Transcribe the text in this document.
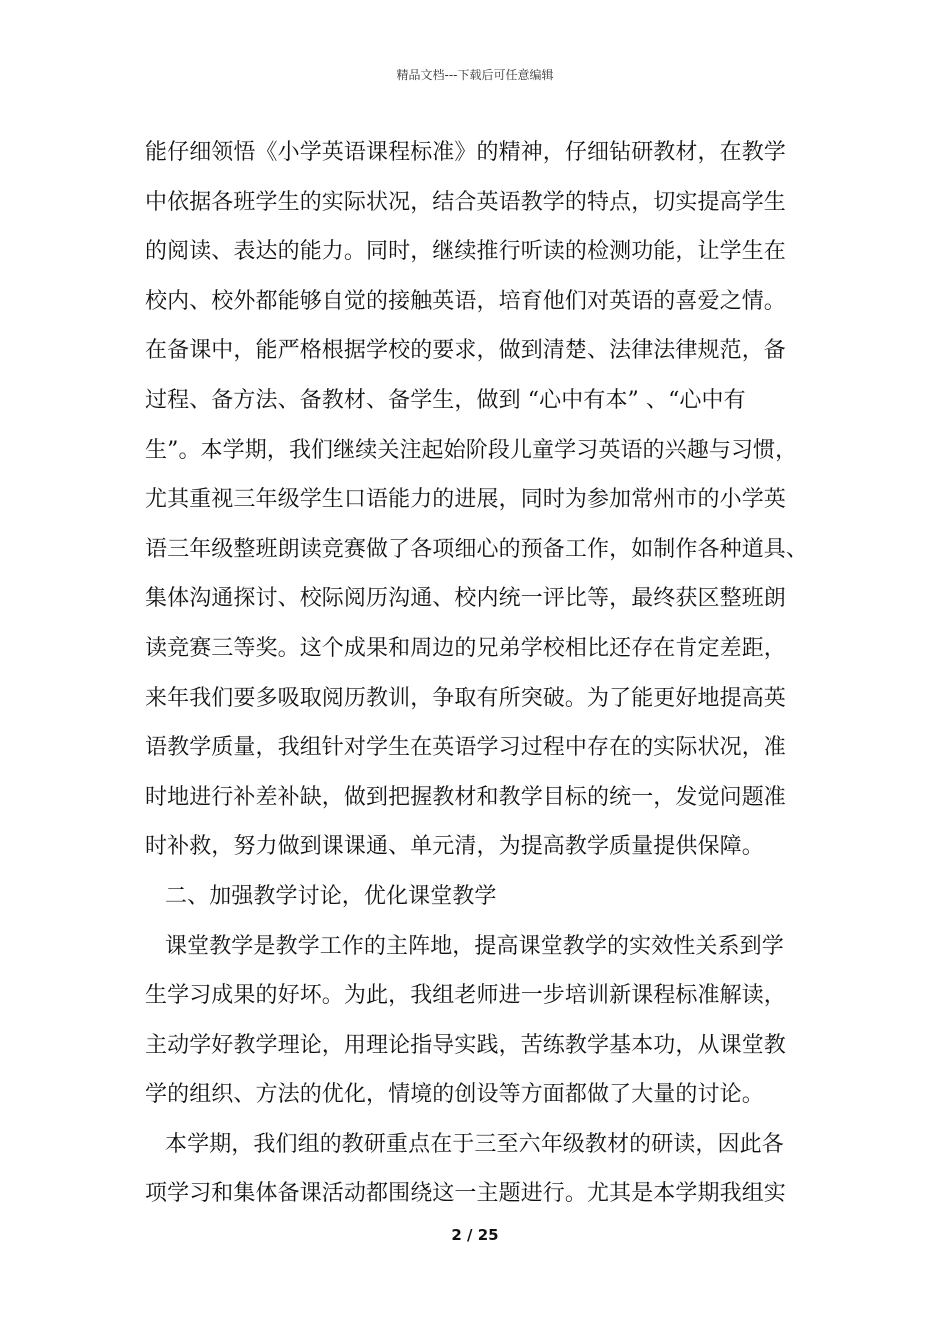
精品文档---下载后可任意编辑
能仔细领悟《小学英语课程标准》的精神，仔细钻研教材，在教学
中依据各班学生的实际状况，结合英语教学的特点，切实提高学生
的阅读、表达的能力。同时，继续推行听读的检测功能，让学生在
校内、校外都能够自觉的接触英语，培育他们对英语的喜爱之情。
在备课中，能严格根据学校的要求，做到清楚、法律法律规范，备
过程、备方法、备教材、备学生，做到 “心中有本” 、“心中有
生”。本学期，我们继续关注起始阶段儿童学习英语的兴趣与习惯，
尤其重视三年级学生口语能力的进展，同时为参加常州市的小学英
语三年级整班朗读竞赛做了各项细心的预备工作，如制作各种道具、
集体沟通探讨、校际阅历沟通、校内统一评比等，最终获区整班朗
读竞赛三等奖。这个成果和周边的兄弟学校相比还存在肯定差距，
来年我们要多吸取阅历教训，争取有所突破。为了能更好地提高英
语教学质量，我组针对学生在英语学习过程中存在的实际状况，准
时地进行补差补缺，做到把握教材和教学目标的统一，发觉问题准
时补救，努力做到课课通、单元清，为提高教学质量提供保障。
二、加强教学讨论，优化课堂教学
课堂教学是教学工作的主阵地，提高课堂教学的实效性关系到学
生学习成果的好坏。为此，我组老师进一步培训新课程标准解读，
主动学好教学理论，用理论指导实践，苦练教学基本功，从课堂教
学的组织、方法的优化，情境的创设等方面都做了大量的讨论。
本学期，我们组的教研重点在于三至六年级教材的研读，因此各
项学习和集体备课活动都围绕这一主题进行。尤其是本学期我组实
2 / 25
